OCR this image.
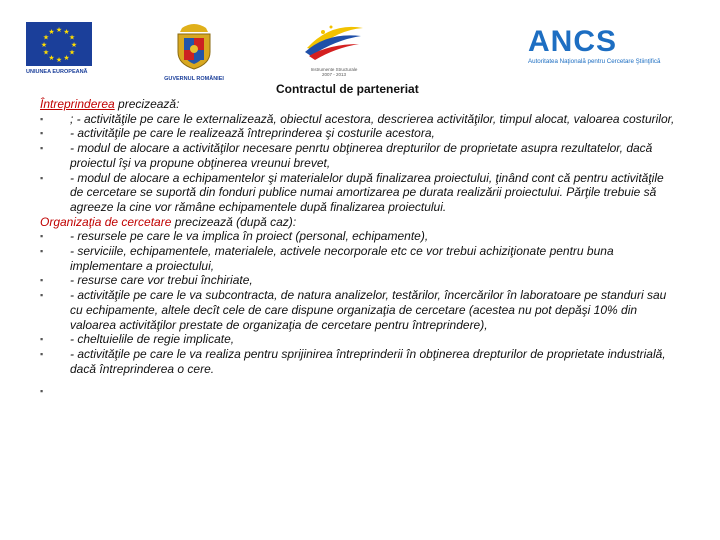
★ ★
★
★
★
★
★
★
★
★
★
★
UNIUNEA EUROPEANĂ
GUVERNUL ROMÂNIEI
Instrumente Structurale
2007 - 2013
ANCS
Autoritatea Naţională pentru Cercetare Ştiinţifică
Contractul de parteneriat
Întreprinderea precizează:
▪ ; - activităţile pe care le externalizează, obiectul acestora, descrierea activităţilor, timpul alocat, valoarea costurilor,
▪ - activităţile pe care le realizează întreprinderea şi costurile acestora,
▪ - modul de alocare a activităţilor necesare penrtu obţinerea drepturilor de proprietate asupra rezultatelor, dacă proiectul îşi va propune obţinerea vreunui brevet,
▪ - modul de alocare a echipamentelor şi materialelor după finalizarea proiectului, ţinând cont că pentru activităţile de cercetare se suportă din fonduri publice numai amortizarea pe durata realizării proiectului. Părţile trebuie să agreeze la cine vor rămâne echipamentele după finalizarea proiectului.
Organizaţia de cercetare precizează (după caz):
▪ - resursele pe care le va implica în proiect (personal, echipamente),
▪ - serviciile, echipamentele, materialele, activele necorporale etc ce vor trebui achiziţionate pentru buna implementare a proiectului,
▪ - resurse care vor trebui închiriate,
▪ - activităţile pe care le va subcontracta, de natura analizelor, testărilor, încercărilor în laboratoare pe standuri sau cu echipamente, altele decît cele de care dispune organizaţia de cercetare (acestea nu pot depăşi 10% din valoarea activităţilor prestate de organizaţia de cercetare pentru întreprindere),
▪ - cheltuielile de regie implicate,
▪ - activităţile pe care le va realiza pentru sprijinirea întreprinderii în obţinerea drepturilor de proprietate industrială, dacă întreprinderea o cere.
▪
